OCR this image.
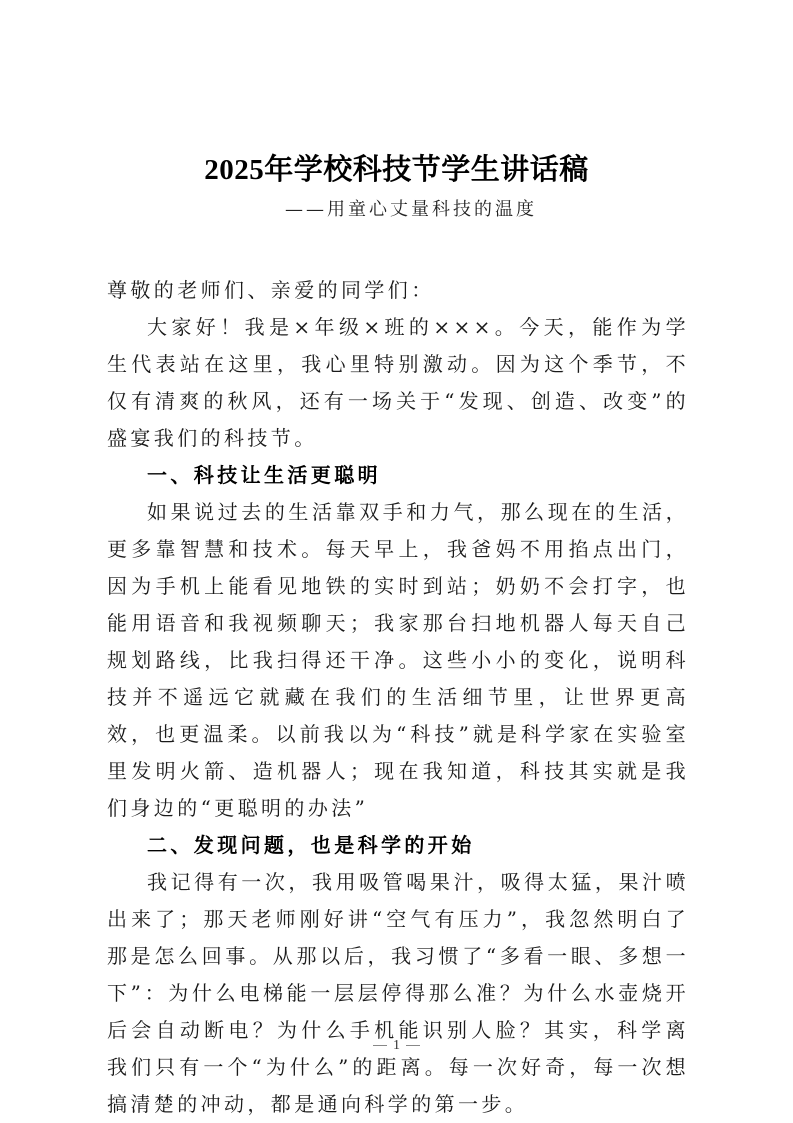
2025年学校科技节学生讲话稿
——用童心丈量科技的温度

尊敬的老师们、亲爱的同学们：

大家好！我是×年级×班的×××。今天，能作为学生代表站在这里，我心里特别激动。因为这个季节，不仅有清爽的秋风，还有一场关于“发现、创造、改变”的盛宴我们的科技节。

一、科技让生活更聪明

如果说过去的生活靠双手和力气，那么现在的生活，更多靠智慧和技术。每天早上，我爸妈不用掐点出门，因为手机上能看见地铁的实时到站；奶奶不会打字，也能用语音和我视频聊天；我家那台扫地机器人每天自己规划路线，比我扫得还干净。这些小小的变化，说明科技并不遥远它就藏在我们的生活细节里，让世界更高效，也更温柔。以前我以为“科技”就是科学家在实验室里发明火箭、造机器人；现在我知道，科技其实就是我们身边的“更聪明的办法”

二、发现问题，也是科学的开始

我记得有一次，我用吸管喝果汁，吸得太猛，果汁喷出来了；那天老师刚好讲“空气有压力”，我忽然明白了那是怎么回事。从那以后，我习惯了“多看一眼、多想一下”：为什么电梯能一层层停得那么准？为什么水壶烧开后会自动断电？为什么手机能识别人脸？其实，科学离我们只有一个“为什么”的距离。每一次好奇，每一次想搞清楚的冲动，都是通向科学的第一步。

1
